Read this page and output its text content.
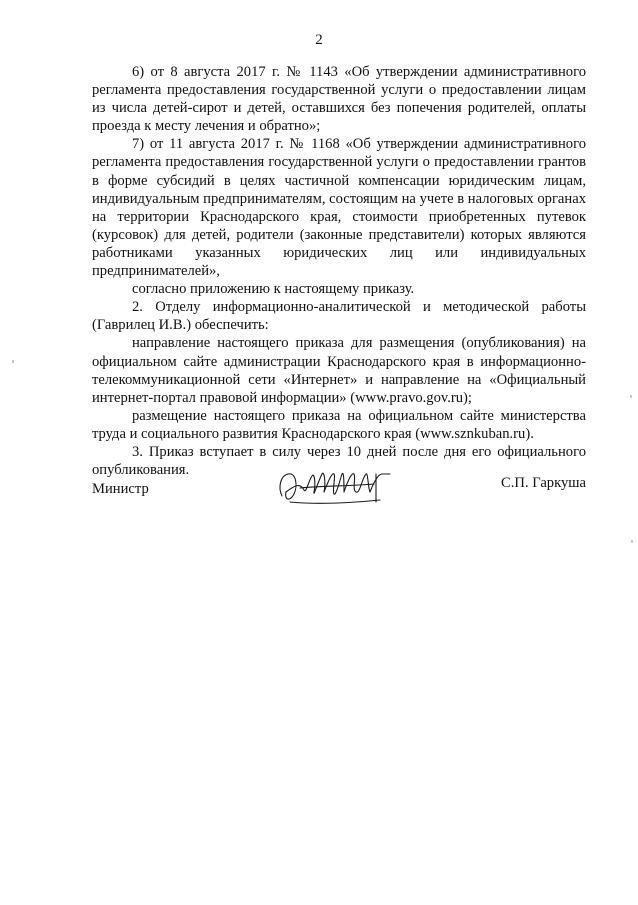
2

6) от 8 августа 2017 г. № 1143 «Об утверждении административного регламента предоставления государственной услуги о предоставлении лицам из числа детей-сирот и детей, оставшихся без попечения родителей, оплаты проезда к месту лечения и обратно»;

7) от 11 августа 2017 г. № 1168 «Об утверждении административного регламента предоставления государственной услуги о предоставлении грантов в форме субсидий в целях частичной компенсации юридическим лицам, индивидуальным предпринимателям, состоящим на учете в налоговых органах на территории Краснодарского края, стоимости приобретенных путевок (курсовок) для детей, родители (законные представители) которых являются работниками указанных юридических лиц или индивидуальных предпринимателей»,

согласно приложению к настоящему приказу.

2. Отделу информационно-аналитической и методической работы (Гаврилец И.В.) обеспечить:

направление настоящего приказа для размещения (опубликования) на официальном сайте администрации Краснодарского края в информационно-телекоммуникационной сети «Интернет» и направление на «Официальный интернет-портал правовой информации» (www.pravo.gov.ru);

размещение настоящего приказа на официальном сайте министерства труда и социального развития Краснодарского края (www.sznkuban.ru).

3. Приказ вступает в силу через 10 дней после дня его официального опубликования.

Министр	С.П. Гаркуша
